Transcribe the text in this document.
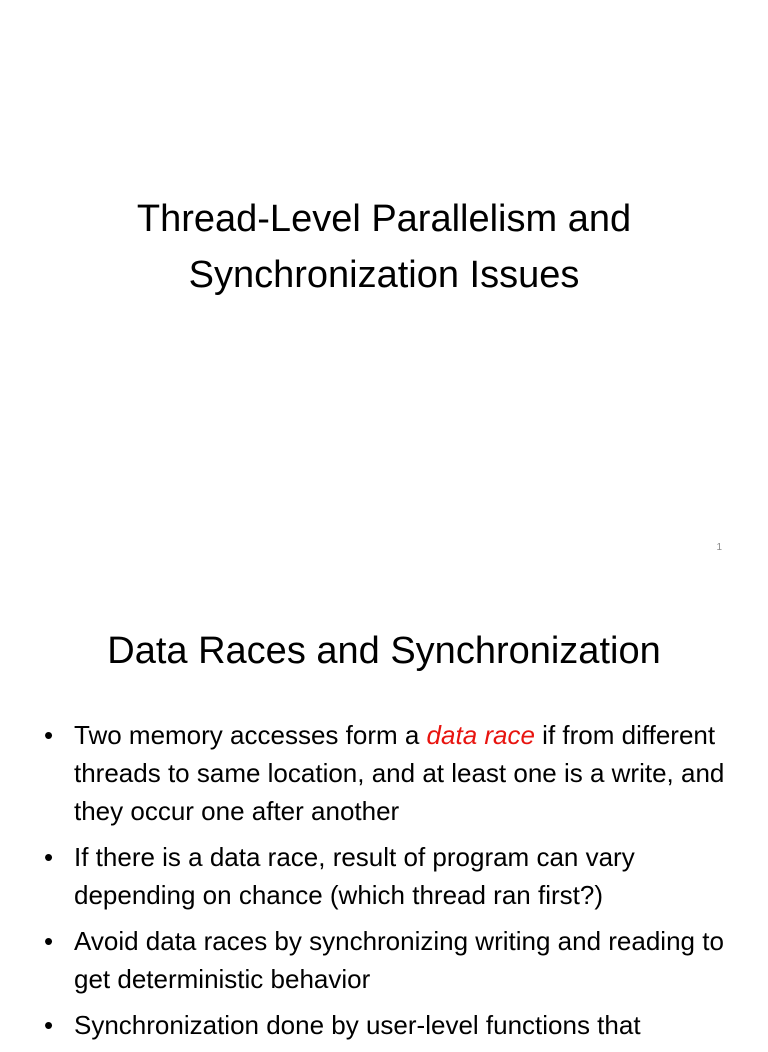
Thread-Level Parallelism and
Synchronization Issues
1
Data Races and Synchronization
• Two memory accesses form a data race if from different threads to same location, and at least one is a write, and they occur one after another
• If there is a data race, result of program can vary depending on chance (which thread ran first?)
• Avoid data races by synchronizing writing and reading to get deterministic behavior
• Synchronization done by user-level functions that
